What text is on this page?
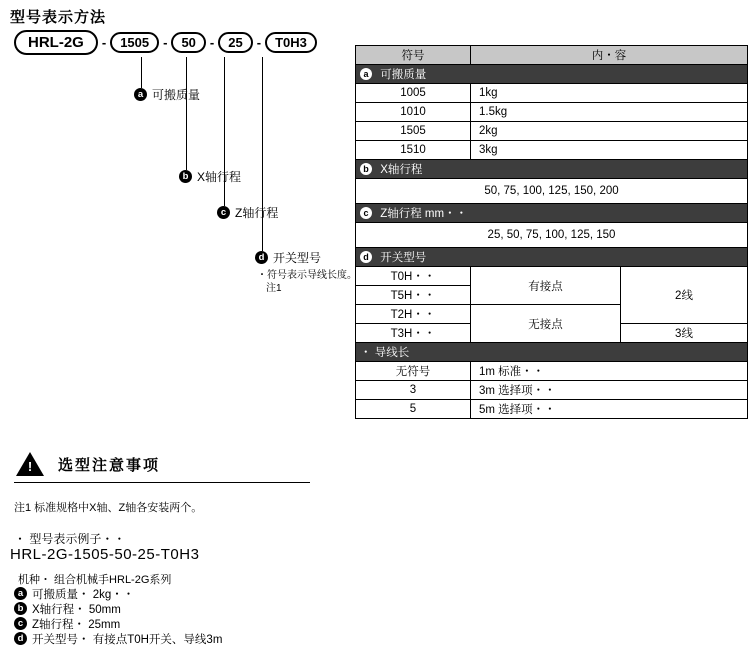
型号表示方法
HRL-2G	-	1505	-	50	-	25	-	T0H3
a 可搬质量
b X轴行程
c Z轴行程
d 开关型号
・符号表示导线长度。
注1
符号	内・容	
a 可搬质量		
1005	1kg	
1010	1.5kg	
1505	2kg	
1510	3kg	
b X轴行程		
50, 75, 100, 125, 150, 200		
c Z轴行程 mm・・		
25, 50, 75, 100, 125, 150		
d 开关型号		
T0H・・	有接点	2线
T5H・・		
T2H・・	无接点	
T3H・・		3线
・ 导线长		
无符号	1m 标准・・	
3	3m 选择项・・	
5	5m 选择项・・	
! 选型注意事项
注1 标准规格中X轴、Z轴各安装两个。
・ 型号表示例子・・
HRL-2G-1505-50-25-T0H3
机种・ 组合机械手HRL-2G系列
a 可搬质量・ 2kg・・
b X轴行程・ 50mm
c Z轴行程・ 25mm
d 开关型号・ 有接点T0H开关、导线3m
